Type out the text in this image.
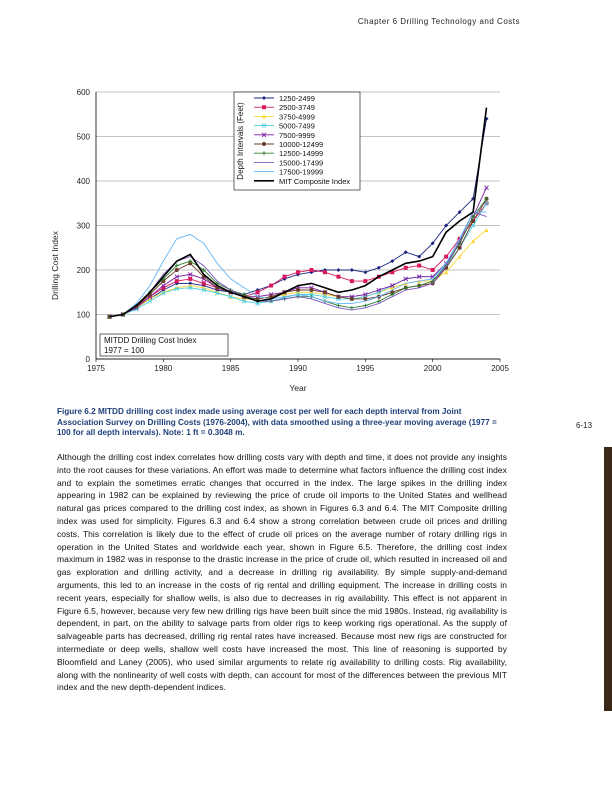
Chapter 6 Drilling Technology and Costs
6-13
0
100
200
300
400
500
600
1975	1980	1985	1990	1995	2000	2005
Year
Drilling Cost Index
Depth Intervals (Feet)
1250-2499
2500-3749
3750-4999
5000-7499
7500-9999
10000-12499
12500-14999
15000-17499
17500-19999
MIT Composite Index
MITDD Drilling Cost Index
1977 = 100
Figure 6.2 MITDD drilling cost index made using average cost per well for each depth interval from Joint Association Survey on Drilling Costs (1976-2004), with data smoothed using a three-year moving average (1977 = 100 for all depth intervals). Note: 1 ft = 0.3048 m.

Although the drilling cost index correlates how drilling costs vary with depth and time, it does not provide any insights into the root causes for these variations. An effort was made to determine what factors influence the drilling cost index and to explain the sometimes erratic changes that occurred in the index. The large spikes in the drilling index appearing in 1982 can be explained by reviewing the price of crude oil imports to the United States and wellhead natural gas prices compared to the drilling cost index, as shown in Figures 6.3 and 6.4. The MIT Composite drilling index was used for simplicity. Figures 6.3 and 6.4 show a strong correlation between crude oil prices and drilling costs. This correlation is likely due to the effect of crude oil prices on the average number of rotary drilling rigs in operation in the United States and worldwide each year, shown in Figure 6.5. Therefore, the drilling cost index maximum in 1982 was in response to the drastic increase in the price of crude oil, which resulted in increased oil and gas exploration and drilling activity, and a decrease in drilling rig availability. By simple supply-and-demand arguments, this led to an increase in the costs of rig rental and drilling equipment. The increase in drilling costs in recent years, especially for shallow wells, is also due to decreases in rig availability. This effect is not apparent in Figure 6.5, however, because very few new drilling rigs have been built since the mid 1980s. Instead, rig availability is dependent, in part, on the ability to salvage parts from older rigs to keep working rigs operational. As the supply of salvageable parts has decreased, drilling rig rental rates have increased. Because most new rigs are constructed for intermediate or deep wells, shallow well costs have increased the most. This line of reasoning is supported by Bloomfield and Laney (2005), who used similar arguments to relate rig availability to drilling costs. Rig availability, along with the nonlinearity of well costs with depth, can account for most of the differences between the previous MIT index and the new depth-dependent indices.
